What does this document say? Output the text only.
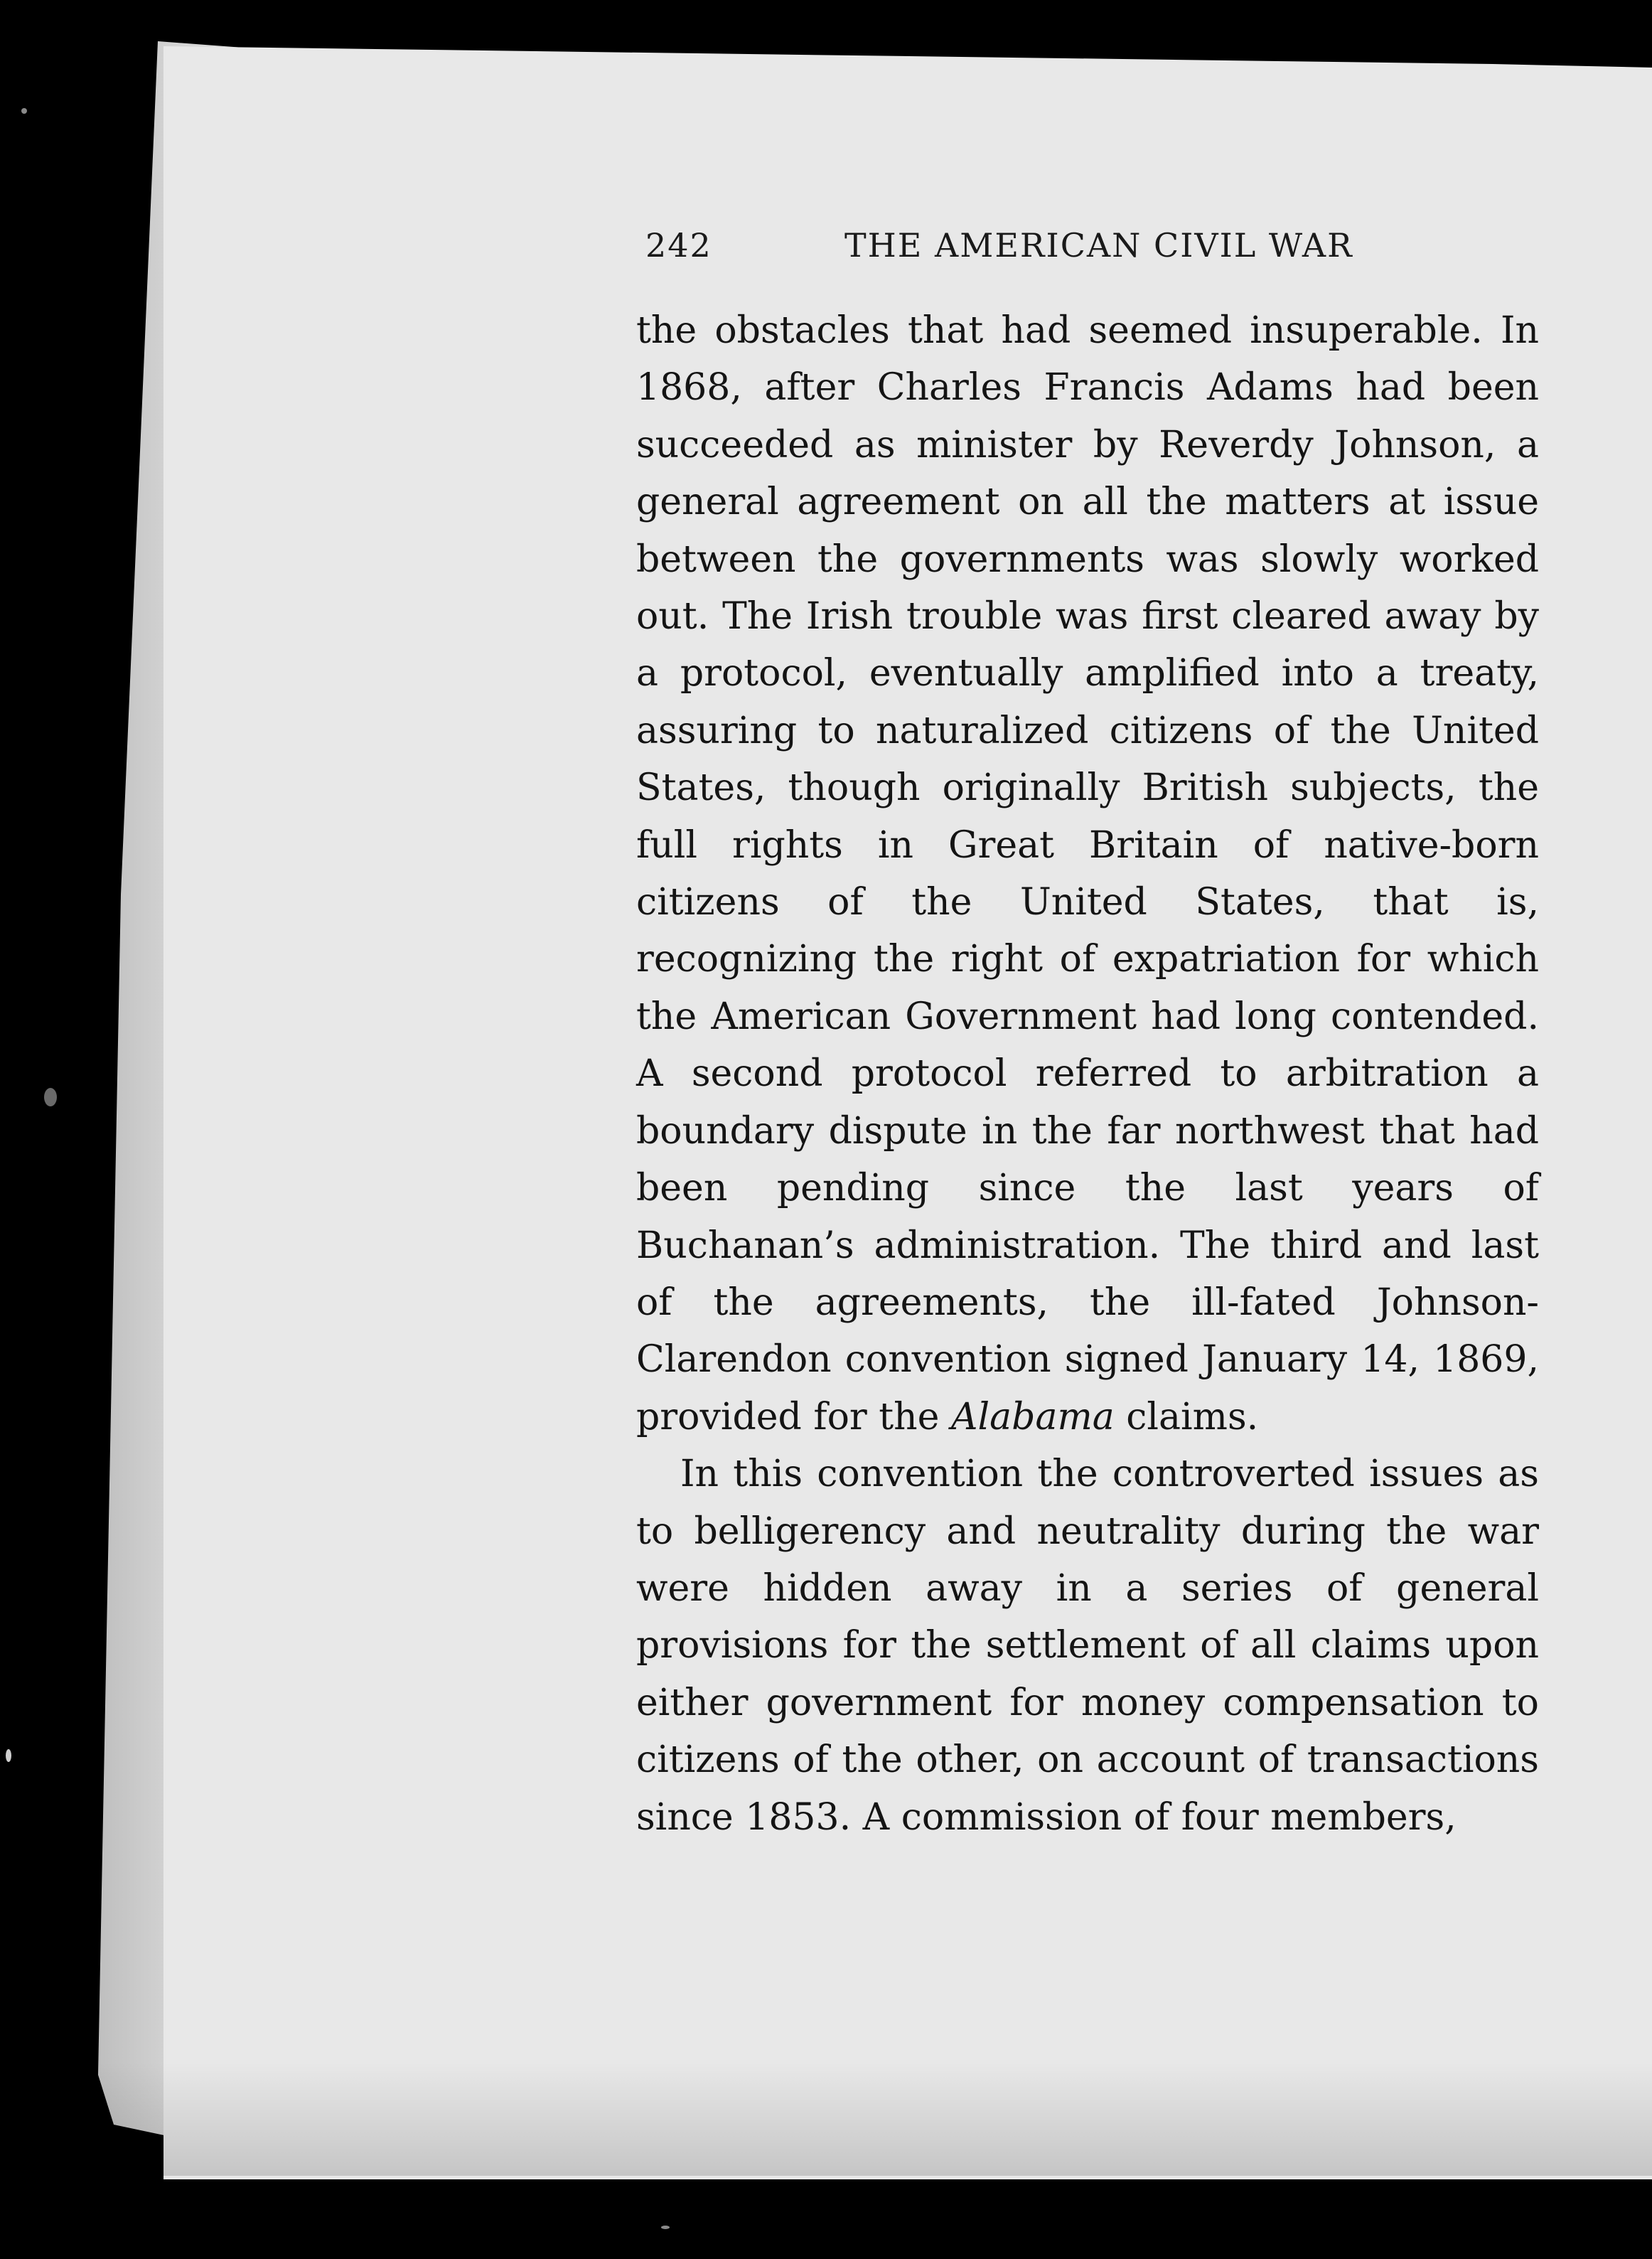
242	THE AMERICAN CIVIL WAR

the obstacles that had seemed insuperable. In 1868, after Charles Francis Adams had been succeeded as minister by Reverdy Johnson, a general agreement on all the matters at issue between the governments was slowly worked out. The Irish trouble was first cleared away by a protocol, eventually amplified into a treaty, assuring to naturalized citizens of the United States, though originally British subjects, the full rights in Great Britain of native-born citizens of the United States, that is, recognizing the right of expatriation for which the American Government had long contended. A second protocol referred to arbitration a boundary dispute in the far northwest that had been pending since the last years of Buchanan’s administration. The third and last of the agreements, the ill-fated Johnson-Clarendon convention signed January 14, 1869, provided for the Alabama claims.

In this convention the controverted issues as to belligerency and neutrality during the war were hidden away in a series of general provisions for the settlement of all claims upon either government for money compensation to citizens of the other, on account of transactions since 1853. A commission of four members,
